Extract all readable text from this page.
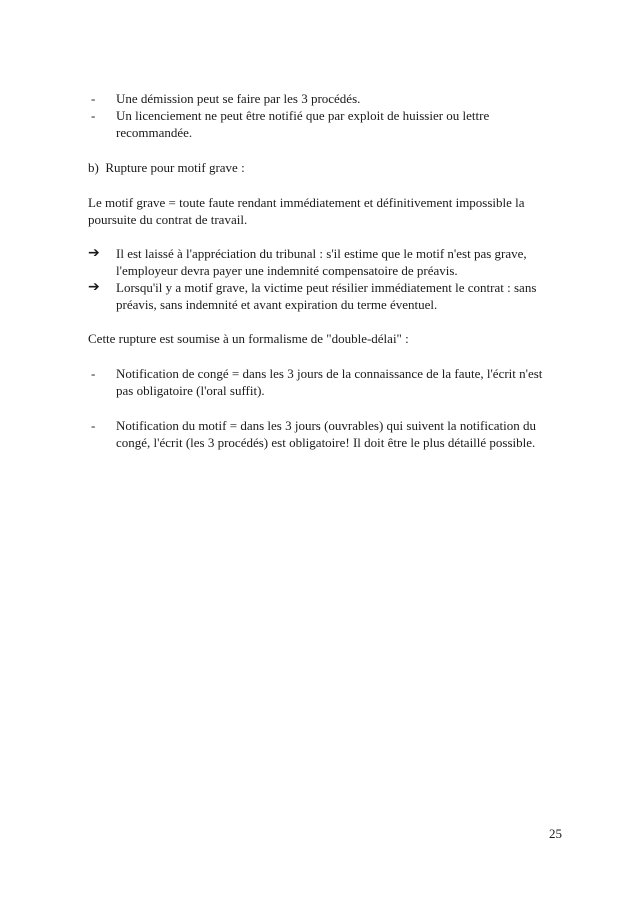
-	Une démission peut se faire par les 3 procédés.
-	Un licenciement ne peut être notifié que par exploit de huissier ou lettre recommandée.

b)  Rupture pour motif grave :

Le motif grave = toute faute rendant immédiatement et définitivement impossible la poursuite du contrat de travail.

➔	Il est laissé à l'appréciation du tribunal : s'il estime que le motif n'est pas grave, l'employeur devra payer une indemnité compensatoire de préavis.
➔	Lorsqu'il y a motif grave, la victime peut résilier immédiatement le contrat : sans préavis, sans indemnité et avant expiration du terme éventuel.

Cette rupture est soumise à un formalisme de "double-délai" :

-	Notification de congé = dans les 3 jours de la connaissance de la faute, l'écrit n'est pas obligatoire (l'oral suffit).
-	Notification du motif = dans les 3 jours (ouvrables) qui suivent la notification du congé, l'écrit (les 3 procédés) est obligatoire! Il doit être le plus détaillé possible.
25
